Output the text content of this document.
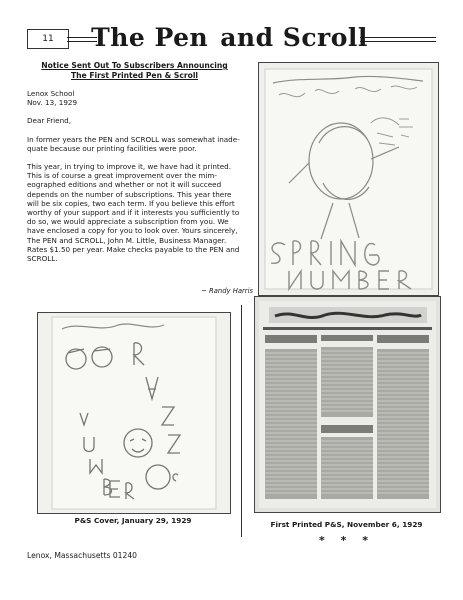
11	The Pen and Scroll
Notice Sent Out To Subscribers Announcing
The First Printed Pen & Scroll

Lenox School
Nov. 13, 1929

Dear Friend,

In former years the PEN and SCROLL was somewhat inade-
quate because our printing facilities were poor.

This year, in trying to improve it, we have had it printed.
This is of course a great improvement over the mim-
eographed editions and whether or not it will succeed
depends on the number of subscriptions. This year there
will be six copies, two each term. If you believe this effort
worthy of your support and if it interests you sufficiently to
do so, we would appreciate a subscription from you. We
have enclosed a copy for you to look over. Yours sincerely,
The PEN and SCROLL, John M. Little, Business Manager.
Rates $1.50 per year. Make checks payable to the PEN and
SCROLL.

~ Randy Harris
P&S Cover, January 29, 1929	First Printed P&S, November 6, 1929
* * *
Lenox, Massachusetts 01240
